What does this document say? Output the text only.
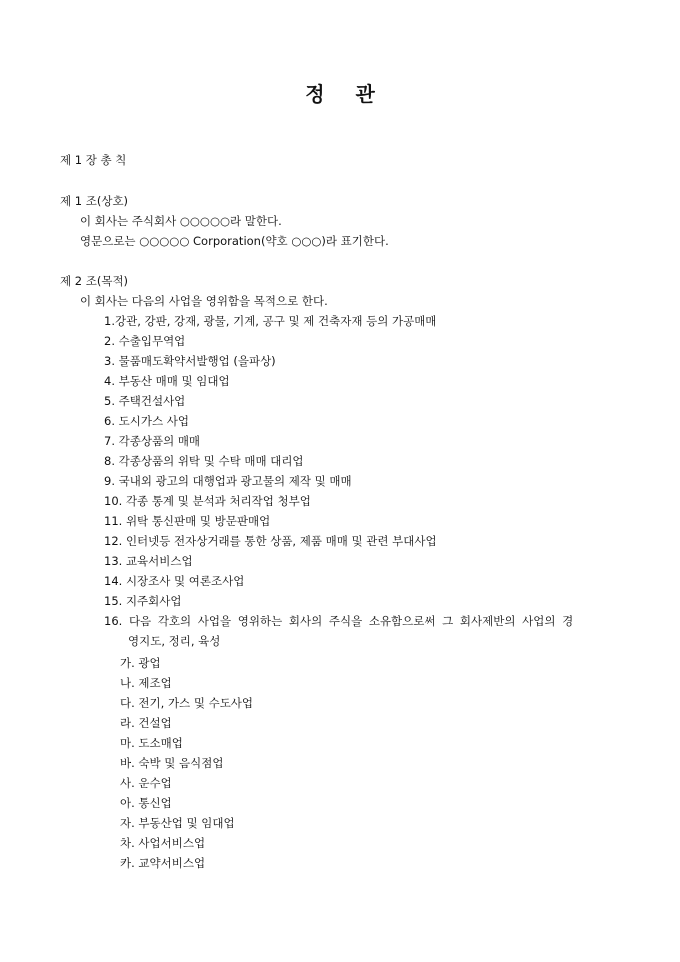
정 관
제 1 장 총 칙
제 1 조(상호)
이 회사는 주식회사 ○○○○○라 말한다.
영문으로는 ○○○○○ Corporation(약호 ○○○)라 표기한다.
제 2 조(목적)
이 회사는 다음의 사업을 영위함을 목적으로 한다.
1.강관, 강판, 강재, 광물, 기계, 공구 및 제 건축자재 등의 가공매매
2. 수출입무역업
3. 물품매도확약서발행업 (을파상)
4. 부동산 매매 및 임대업
5. 주택건설사업
6. 도시가스 사업
7. 각종상품의 매매
8. 각종상품의 위탁 및 수탁 매매 대리업
9. 국내외 광고의 대행업과 광고물의 제작 및 매매
10. 각종 통계 및 분석과 처리작업 청부업
11. 위탁 통신판매 및 방문판매업
12. 인터넷등 전자상거래를 통한 상품, 제품 매매 및 관련 부대사업
13. 교육서비스업
14. 시장조사 및 여론조사업
15. 지주회사업
16. 다음 각호의 사업을 영위하는 회사의 주식을 소유함으로써 그 회사제반의 사업의 경
영지도, 정리, 육성
가. 광업
나. 제조업
다. 전기, 가스 및 수도사업
라. 건설업
마. 도소매업
바. 숙박 및 음식점업
사. 운수업
아. 통신업
자. 부동산업 및 임대업
차. 사업서비스업
카. 교약서비스업
